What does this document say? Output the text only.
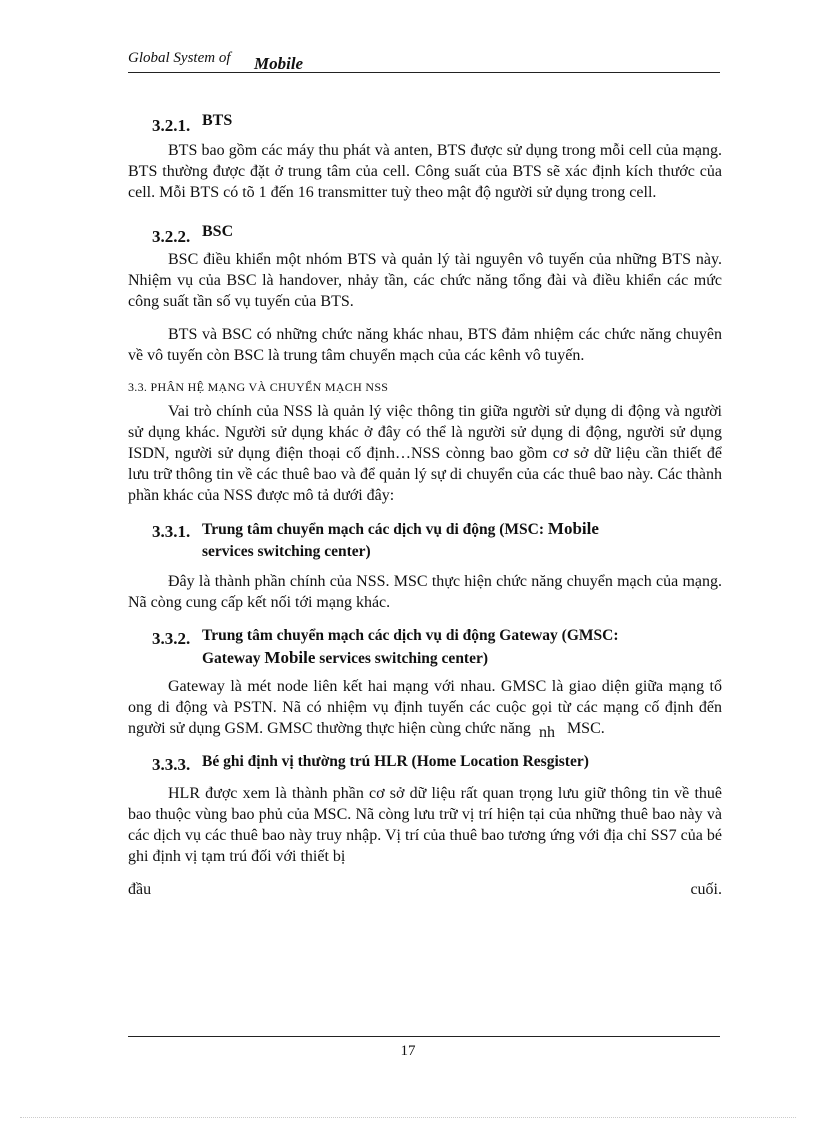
Global System of Mobile
3.2.1. BTS

BTS bao gồm các máy thu phát và anten, BTS được sử dụng trong mỗi cell của mạng. BTS thường được đặt ở trung tâm của cell. Công suất của BTS sẽ xác định kích thước của cell. Mỗi BTS có tõ 1 đến 16 transmitter tuỳ theo mật độ người sử dụng trong cell.

3.2.2. BSC

BSC điều khiển một nhóm BTS và quản lý tài nguyên vô tuyến của những BTS này. Nhiệm vụ của BSC là handover, nhảy tần, các chức năng tổng đài và điều khiển các mức công suất tần số vụ tuyến của BTS.

BTS và BSC có những chức năng khác nhau, BTS đảm nhiệm các chức năng chuyên về vô tuyến còn BSC là trung tâm chuyển mạch của các kênh vô tuyến.

3.3. PHÂN HỆ MẠNG VÀ CHUYỂN MẠCH NSS

Vai trò chính của NSS là quản lý việc thông tin giữa người sử dụng di động và người sử dụng khác. Người sử dụng khác ở đây có thể là người sử dụng di động, người sử dụng ISDN, người sử dụng điện thoại cố định…NSS cònng bao gồm cơ sở dữ liệu cần thiết để lưu trữ thông tin về các thuê bao và để quản lý sự di chuyển của các thuê bao này. Các thành phần khác của NSS được mô tả dưới đây:

3.3.1. Trung tâm chuyển mạch các dịch vụ di động (MSC: Mobile
services switching center)

Đây là thành phần chính của NSS. MSC thực hiện chức năng chuyển mạch của mạng. Nã còng cung cấp kết nối tới mạng khác.

3.3.2. Trung tâm chuyển mạch các dịch vụ di động Gateway (GMSC:
Gateway Mobile services switching center)

Gateway là mét node liên kết hai mạng với nhau. GMSC là giao diện giữa mạng tổ ong di động và PSTN. Nã có nhiệm vụ định tuyến các cuộc gọi từ các mạng cố định đến người sử dụng GSM. GMSC thường thực hiện cùng chức năng nh MSC.

3.3.3. Bé ghi định vị thường trú HLR (Home Location Resgister)

HLR được xem là thành phần cơ sở dữ liệu rất quan trọng lưu giữ thông tin về thuê bao thuộc vùng bao phủ của MSC. Nã còng lưu trữ vị trí hiện tại của những thuê bao này và các dịch vụ các thuê bao này truy nhập. Vị trí của thuê bao tương ứng với địa chỉ SS7 của bé ghi định vị tạm trú đối với thiết bị

đầu	cuối.
17
